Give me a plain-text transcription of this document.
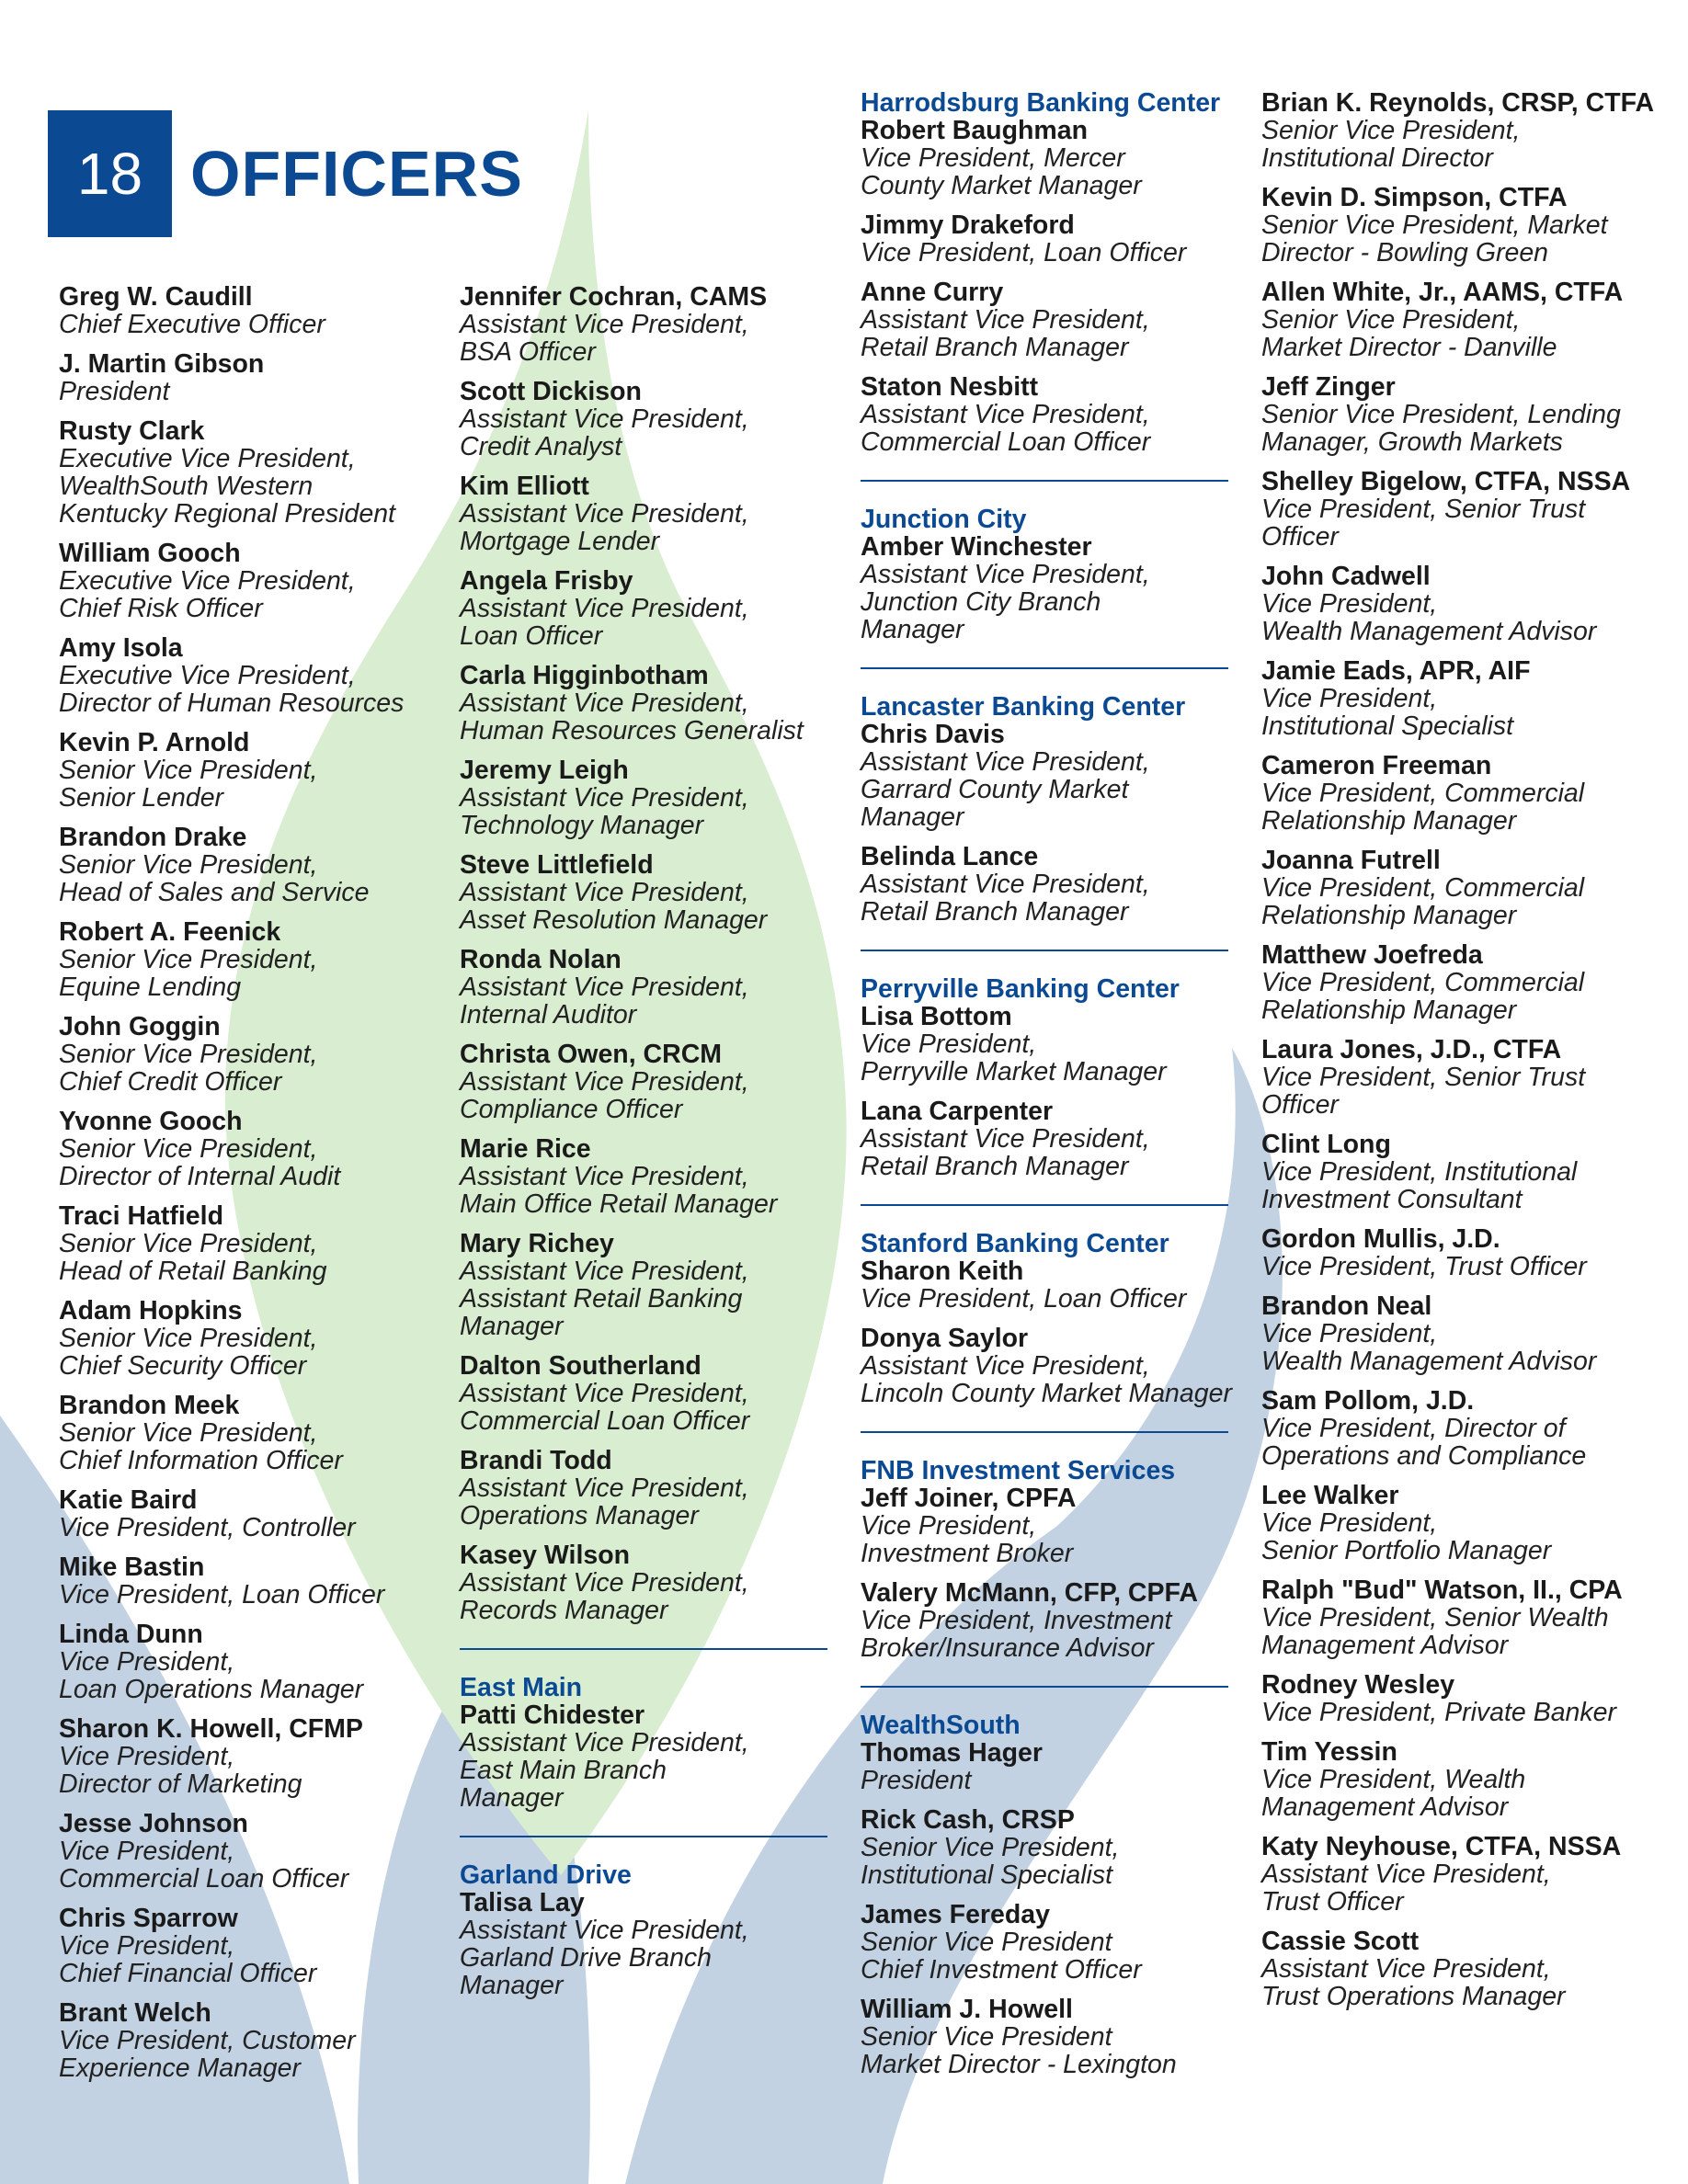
18 OFFICERS
Greg W. Caudill
Chief Executive Officer
J. Martin Gibson
President
Rusty Clark
Executive Vice President,
WealthSouth Western
Kentucky Regional President
William Gooch
Executive Vice President,
Chief Risk Officer
Amy Isola
Executive Vice President,
Director of Human Resources
Kevin P. Arnold
Senior Vice President,
Senior Lender
Brandon Drake
Senior Vice President,
Head of Sales and Service
Robert A. Feenick
Senior Vice President,
Equine Lending
John Goggin
Senior Vice President,
Chief Credit Officer
Yvonne Gooch
Senior Vice President,
Director of Internal Audit
Traci Hatfield
Senior Vice President,
Head of Retail Banking
Adam Hopkins
Senior Vice President,
Chief Security Officer
Brandon Meek
Senior Vice President,
Chief Information Officer
Katie Baird
Vice President, Controller
Mike Bastin
Vice President, Loan Officer
Linda Dunn
Vice President,
Loan Operations Manager
Sharon K. Howell, CFMP
Vice President,
Director of Marketing
Jesse Johnson
Vice President,
Commercial Loan Officer
Chris Sparrow
Vice President,
Chief Financial Officer
Brant Welch
Vice President, Customer
Experience Manager
Jennifer Cochran, CAMS
Assistant Vice President,
BSA Officer
Scott Dickison
Assistant Vice President,
Credit Analyst
Kim Elliott
Assistant Vice President,
Mortgage Lender
Angela Frisby
Assistant Vice President,
Loan Officer
Carla Higginbotham
Assistant Vice President,
Human Resources Generalist
Jeremy Leigh
Assistant Vice President,
Technology Manager
Steve Littlefield
Assistant Vice President,
Asset Resolution Manager
Ronda Nolan
Assistant Vice President,
Internal Auditor
Christa Owen, CRCM
Assistant Vice President,
Compliance Officer
Marie Rice
Assistant Vice President,
Main Office Retail Manager
Mary Richey
Assistant Vice President,
Assistant Retail Banking
Manager
Dalton Southerland
Assistant Vice President,
Commercial Loan Officer
Brandi Todd
Assistant Vice President,
Operations Manager
Kasey Wilson
Assistant Vice President,
Records Manager
East Main
Patti Chidester
Assistant Vice President,
East Main Branch
Manager
Garland Drive
Talisa Lay
Assistant Vice President,
Garland Drive Branch
Manager
Harrodsburg Banking Center
Robert Baughman
Vice President, Mercer
County Market Manager
Jimmy Drakeford
Vice President, Loan Officer
Anne Curry
Assistant Vice President,
Retail Branch Manager
Staton Nesbitt
Assistant Vice President,
Commercial Loan Officer
Junction City
Amber Winchester
Assistant Vice President,
Junction City Branch
Manager
Lancaster Banking Center
Chris Davis
Assistant Vice President,
Garrard County Market
Manager
Belinda Lance
Assistant Vice President,
Retail Branch Manager
Perryville Banking Center
Lisa Bottom
Vice President,
Perryville Market Manager
Lana Carpenter
Assistant Vice President,
Retail Branch Manager
Stanford Banking Center
Sharon Keith
Vice President, Loan Officer
Donya Saylor
Assistant Vice President,
Lincoln County Market Manager
FNB Investment Services
Jeff Joiner, CPFA
Vice President,
Investment Broker
Valery McMann, CFP, CPFA
Vice President, Investment
Broker/Insurance Advisor
WealthSouth
Thomas Hager
President
Rick Cash, CRSP
Senior Vice President,
Institutional Specialist
James Fereday
Senior Vice President
Chief Investment Officer
William J. Howell
Senior Vice President
Market Director - Lexington
Brian K. Reynolds, CRSP, CTFA
Senior Vice President,
Institutional Director
Kevin D. Simpson, CTFA
Senior Vice President, Market
Director - Bowling Green
Allen White, Jr., AAMS, CTFA
Senior Vice President,
Market Director - Danville
Jeff Zinger
Senior Vice President, Lending
Manager, Growth Markets
Shelley Bigelow, CTFA, NSSA
Vice President, Senior Trust
Officer
John Cadwell
Vice President,
Wealth Management Advisor
Jamie Eads, APR, AIF
Vice President,
Institutional Specialist
Cameron Freeman
Vice President, Commercial
Relationship Manager
Joanna Futrell
Vice President, Commercial
Relationship Manager
Matthew Joefreda
Vice President, Commercial
Relationship Manager
Laura Jones, J.D., CTFA
Vice President, Senior Trust
Officer
Clint Long
Vice President, Institutional
Investment Consultant
Gordon Mullis, J.D.
Vice President, Trust Officer
Brandon Neal
Vice President,
Wealth Management Advisor
Sam Pollom, J.D.
Vice President, Director of
Operations and Compliance
Lee Walker
Vice President,
Senior Portfolio Manager
Ralph "Bud" Watson, II., CPA
Vice President, Senior Wealth
Management Advisor
Rodney Wesley
Vice President, Private Banker
Tim Yessin
Vice President, Wealth
Management Advisor
Katy Neyhouse, CTFA, NSSA
Assistant Vice President,
Trust Officer
Cassie Scott
Assistant Vice President,
Trust Operations Manager
